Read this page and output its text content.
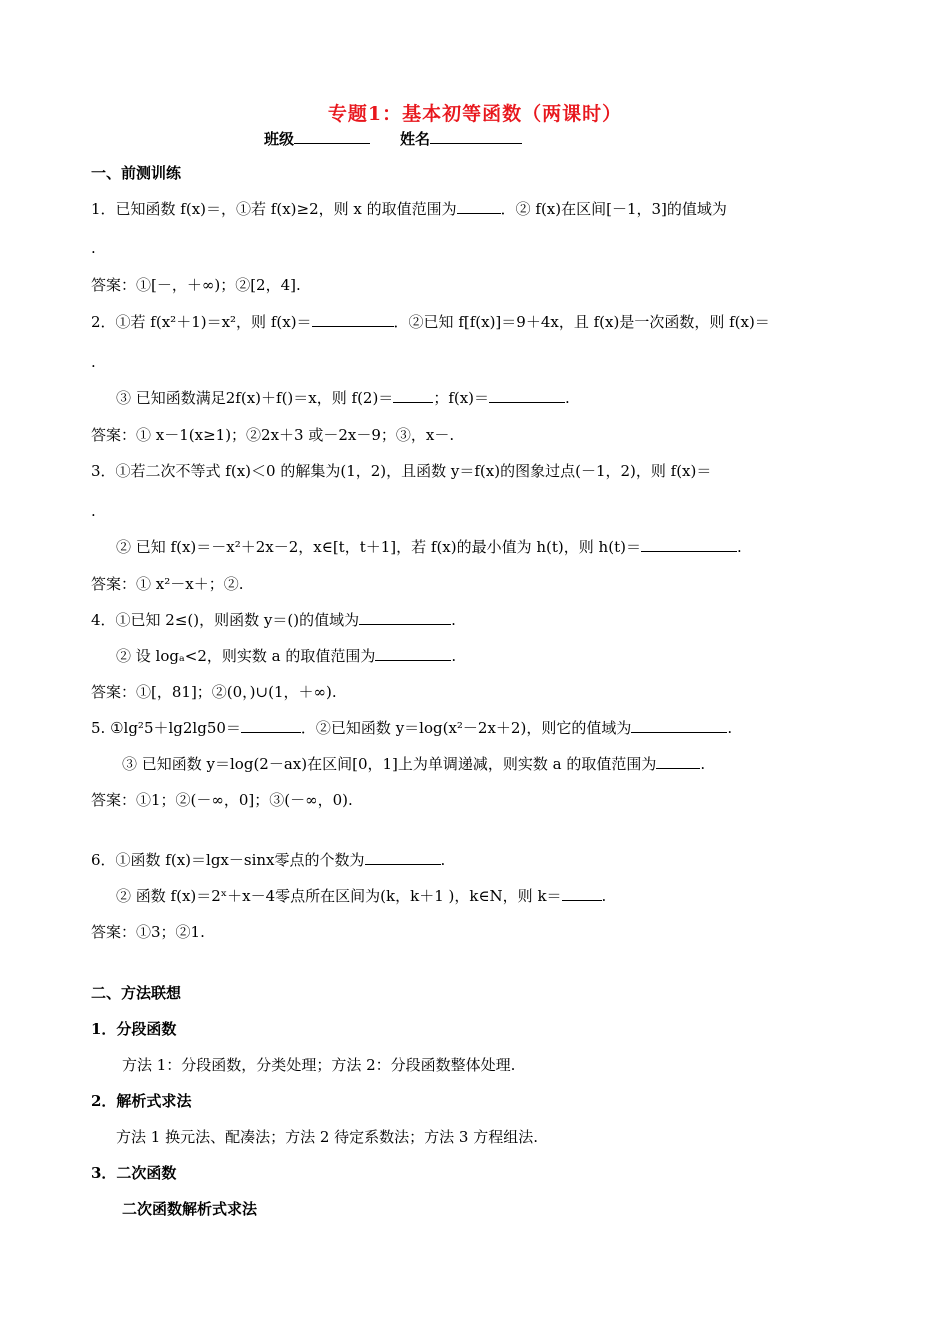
专题1：基本初等函数（两课时）
班级	姓名
一、前测训练
1．已知函数 f(x)＝，①若 f(x)≥2，则 x 的取值范围为	．② f(x)在区间[－1，3]的值域为
.
答案：①[－，＋∞)；②[2，4].
2．①若 f(x²＋1)＝x²，则 f(x)＝	．②已知 f[f(x)]＝9＋4x，且 f(x)是一次函数，则 f(x)＝
.
③ 已知函数满足2f(x)＋f()＝x，则 f(2)＝	；f(x)＝	.
答案：① x－1(x≥1)；②2x＋3 或－2x－9；③，x－.
3．①若二次不等式 f(x)＜0 的解集为(1，2)，且函数 y＝f(x)的图象过点(－1，2)，则 f(x)＝
.
② 已知 f(x)＝－x²＋2x－2，x∈[t，t＋1]，若 f(x)的最小值为 h(t)，则 h(t)＝	.
答案：① x²－x＋；②.
4．①已知 2≤()，则函数 y＝()的值域为	.
② 设 logₐ<2，则实数 a 的取值范围为	.
答案：①[，81]；②(0，)∪(1，＋∞).
5. ①lg²5＋lg2lg50＝	．②已知函数 y＝log(x²－2x＋2)，则它的值域为	.
③ 已知函数 y＝log(2－ax)在区间[0，1]上为单调递减，则实数 a 的取值范围为	.
答案：①1；②(－∞，0]；③(－∞，0).
6．①函数 f(x)＝lgx－sinx零点的个数为	.
② 函数 f(x)＝2ˣ＋x－4零点所在区间为(k，k＋1 )，k∈N，则 k＝	.
答案：①3；②1.
二、方法联想
1．分段函数
方法 1：分段函数，分类处理；方法 2：分段函数整体处理.
2．解析式求法
方法 1 换元法、配凑法；方法 2 待定系数法；方法 3 方程组法.
3．二次函数
二次函数解析式求法
